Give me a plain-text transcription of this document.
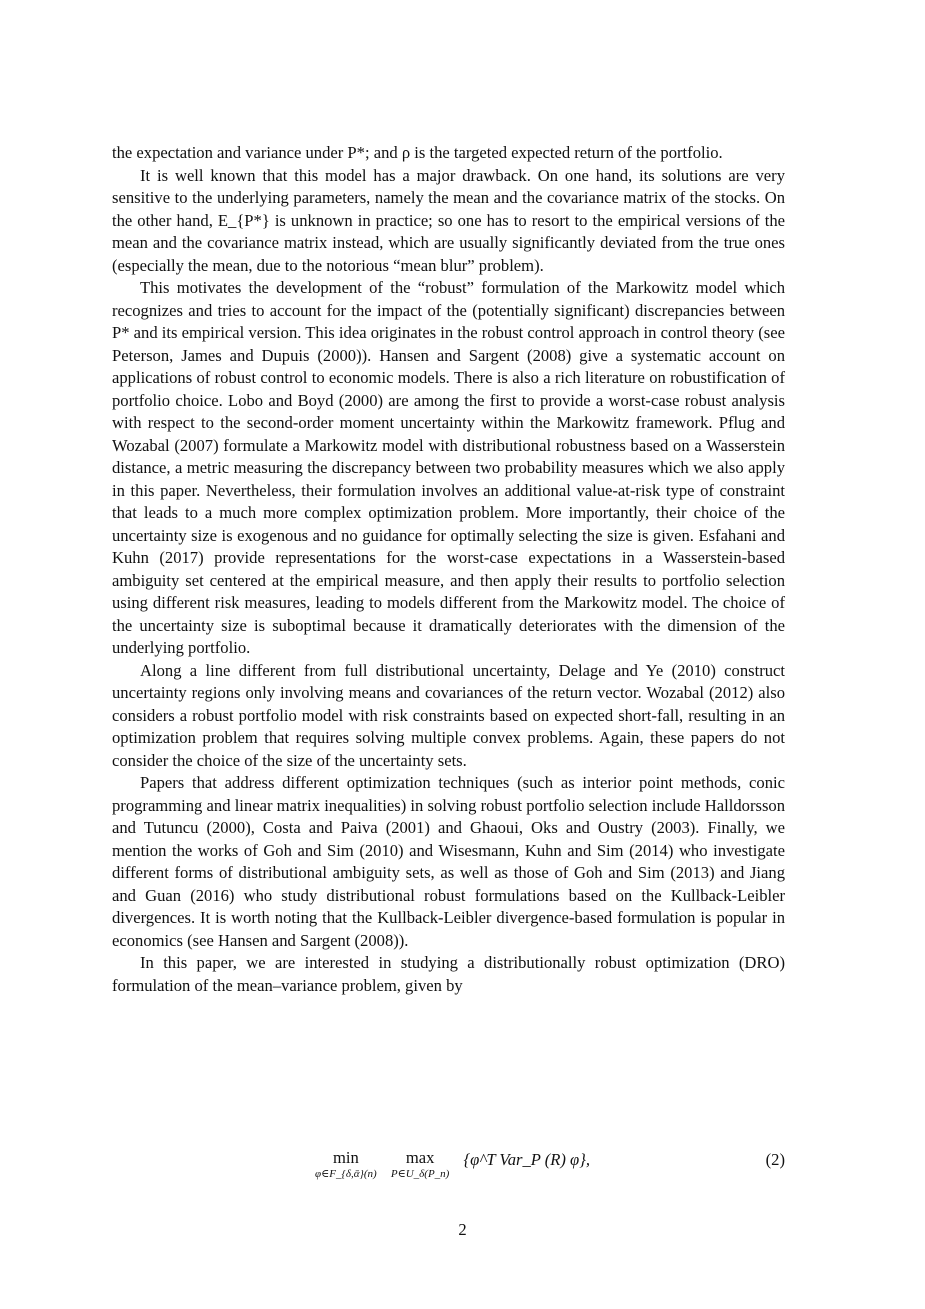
the expectation and variance under P*; and ρ is the targeted expected return of the portfolio.

It is well known that this model has a major drawback. On one hand, its solutions are very sensitive to the underlying parameters, namely the mean and the covariance matrix of the stocks. On the other hand, E_{P*} is unknown in practice; so one has to resort to the empirical versions of the mean and the covariance matrix instead, which are usually significantly deviated from the true ones (especially the mean, due to the notorious “mean blur” problem).

This motivates the development of the “robust” formulation of the Markowitz model which recognizes and tries to account for the impact of the (potentially significant) discrepancies between P* and its empirical version. This idea originates in the robust control approach in control theory (see Peterson, James and Dupuis (2000)). Hansen and Sargent (2008) give a systematic account on applications of robust control to economic models. There is also a rich literature on robustification of portfolio choice. Lobo and Boyd (2000) are among the first to provide a worst-case robust analysis with respect to the second-order moment uncertainty within the Markowitz framework. Pflug and Wozabal (2007) formulate a Markowitz model with distributional robustness based on a Wasserstein distance, a metric measuring the discrepancy between two probability measures which we also apply in this paper. Nevertheless, their formulation involves an additional value-at-risk type of constraint that leads to a much more complex optimization problem. More importantly, their choice of the uncertainty size is exogenous and no guidance for optimally selecting the size is given. Esfahani and Kuhn (2017) provide representations for the worst-case expectations in a Wasserstein-based ambiguity set centered at the empirical measure, and then apply their results to portfolio selection using different risk measures, leading to models different from the Markowitz model. The choice of the uncertainty size is suboptimal because it dramatically deteriorates with the dimension of the underlying portfolio.

Along a line different from full distributional uncertainty, Delage and Ye (2010) construct uncertainty regions only involving means and covariances of the return vector. Wozabal (2012) also considers a robust portfolio model with risk constraints based on expected short-fall, resulting in an optimization problem that requires solving multiple convex problems. Again, these papers do not consider the choice of the size of the uncertainty sets.

Papers that address different optimization techniques (such as interior point methods, conic programming and linear matrix inequalities) in solving robust portfolio selection include Halldorsson and Tutuncu (2000), Costa and Paiva (2001) and Ghaoui, Oks and Oustry (2003). Finally, we mention the works of Goh and Sim (2010) and Wisesmann, Kuhn and Sim (2014) who investigate different forms of distributional ambiguity sets, as well as those of Goh and Sim (2013) and Jiang and Guan (2016) who study distributional robust formulations based on the Kullback-Leibler divergences. It is worth noting that the Kullback-Leibler divergence-based formulation is popular in economics (see Hansen and Sargent (2008)).

In this paper, we are interested in studying a distributionally robust optimization (DRO) formulation of the mean–variance problem, given by

min
φ∈F_{δ,ᾱ}(n)

max
P∈U_δ(P_n)
{φ^T Var_P (R) φ},	(2)
2
